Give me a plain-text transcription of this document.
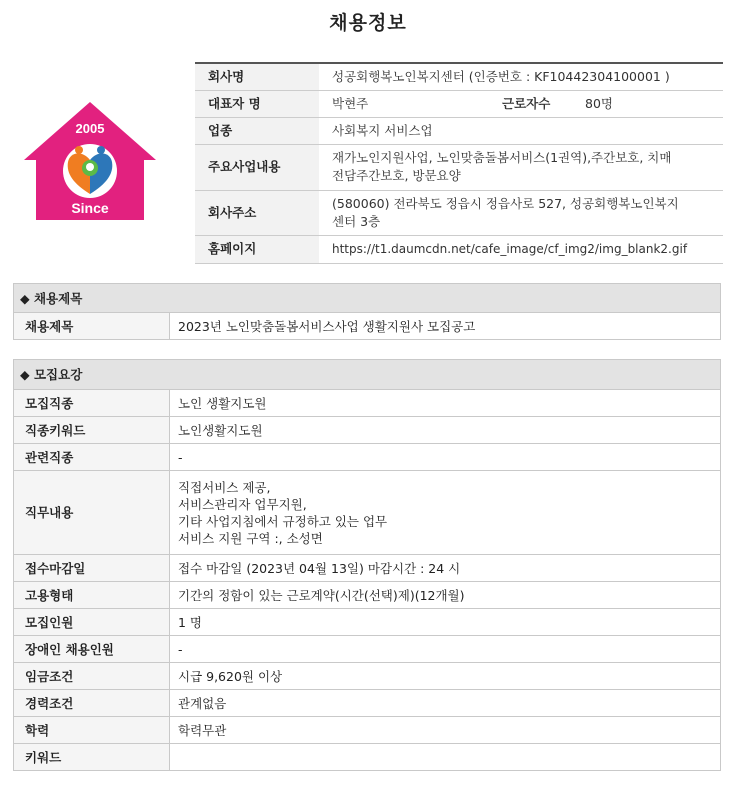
채용정보
2005
Since
회사명	성공회행복노인복지센터 (인증번호 : KF10442304100001 )		
대표자 명	박현주	근로자수	80명
업종	사회복지 서비스업		
주요사업내용	재가노인지원사업, 노인맞춤돌봄서비스(1권역),주간보호, 치매
전담주간보호, 방문요양		

회사주소	(580060) 전라북도 정읍시 정읍사로 527, 성공회행복노인복지
센터 3층		

홈페이지	https://t1.daumcdn.net/cafe_image/cf_img2/img_blank2.gif		
◆ 채용제목
채용제목	2023년 노인맞춤돌봄서비스사업 생활지원사 모집공고
◆ 모집요강	
모집직종	노인 생활지도원
직종키워드	노인생활지도원
관련직종	-
직무내용	직접서비스 제공,
서비스관리자 업무지원,
기타 사업지침에서 규정하고 있는 업무
서비스 지원 구역 :, 소성면

접수마감일	접수 마감일 (2023년 04월 13일) 마감시간 : 24 시
고용형태	기간의 정함이 있는 근로계약(시간(선택)제)(12개월)
모집인원	1 명
장애인 채용인원	-
임금조건	시급 9,620원 이상
경력조건	관계없음
학력	학력무관
키워드	
